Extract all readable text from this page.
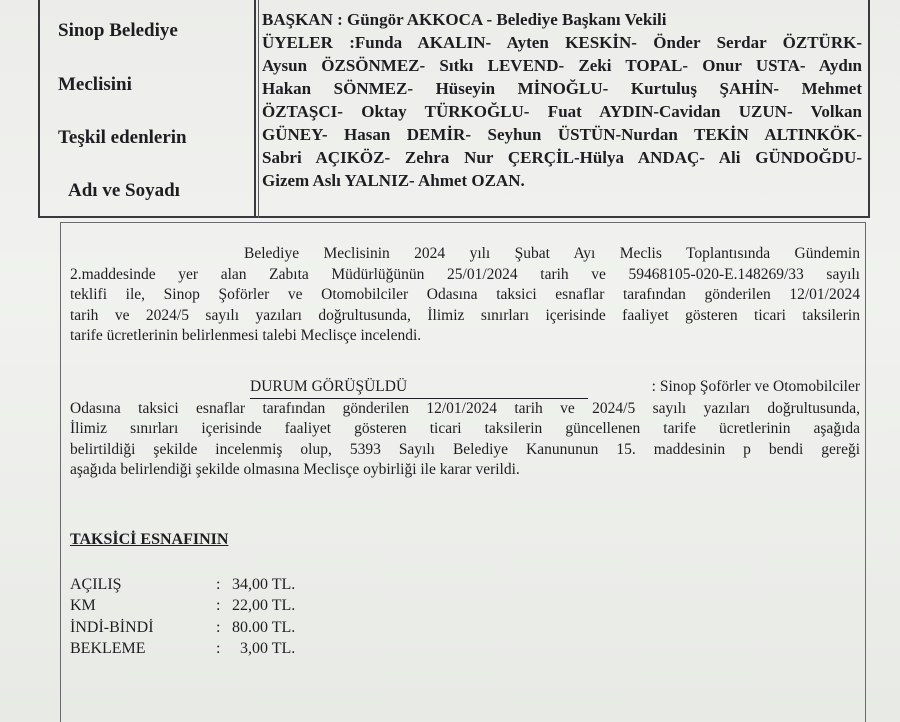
Sinop Belediye
Meclisini
Teşkil edenlerin
Adı ve Soyadı
BAŞKAN : Güngör AKKOCA - Belediye Başkanı Vekili
ÜYELER :Funda AKALIN- Ayten KESKİN- Önder Serdar ÖZTÜRK-
Aysun ÖZSÖNMEZ- Sıtkı LEVEND- Zeki TOPAL- Onur USTA- Aydın
Hakan SÖNMEZ- Hüseyin MİNOĞLU- Kurtuluş ŞAHİN- Mehmet
ÖZTAŞCI- Oktay TÜRKOĞLU- Fuat AYDIN-Cavidan UZUN- Volkan
GÜNEY- Hasan DEMİR- Seyhun ÜSTÜN-Nurdan TEKİN ALTINKÖK-
Sabri AÇIKÖZ- Zehra Nur ÇERÇİL-Hülya ANDAÇ- Ali GÜNDOĞDU-
Gizem Aslı YALNIZ- Ahmet OZAN.
Belediye Meclisinin 2024 yılı Şubat Ayı Meclis Toplantısında Gündemin
2.maddesinde yer alan Zabıta Müdürlüğünün 25/01/2024 tarih ve 59468105-020-E.148269/33 sayılı
teklifi ile, Sinop Şoförler ve Otomobilciler Odasına taksici esnaflar tarafından gönderilen 12/01/2024
tarih ve 2024/5 sayılı yazıları doğrultusunda, İlimiz sınırları içerisinde faaliyet gösteren ticari taksilerin
tarife ücretlerinin belirlenmesi talebi Meclisçe incelendi.
DURUM GÖRÜŞÜLDÜ	: Sinop Şoförler ve Otomobilciler
Odasına taksici esnaflar tarafından gönderilen 12/01/2024 tarih ve 2024/5 sayılı yazıları doğrultusunda,
İlimiz sınırları içerisinde faaliyet gösteren ticari taksilerin güncellenen tarife ücretlerinin aşağıda
belirtildiği şekilde incelenmiş olup, 5393 Sayılı Belediye Kanununun 15. maddesinin p bendi gereği
aşağıda belirlendiği şekilde olmasına Meclisçe oybirliği ile karar verildi.
TAKSİCİ ESNAFININ
AÇILIŞ	: 34,00 TL.
KM	: 22,00 TL.
İNDİ-BİNDİ	: 80.00 TL.
BEKLEME	: 3,00 TL.
